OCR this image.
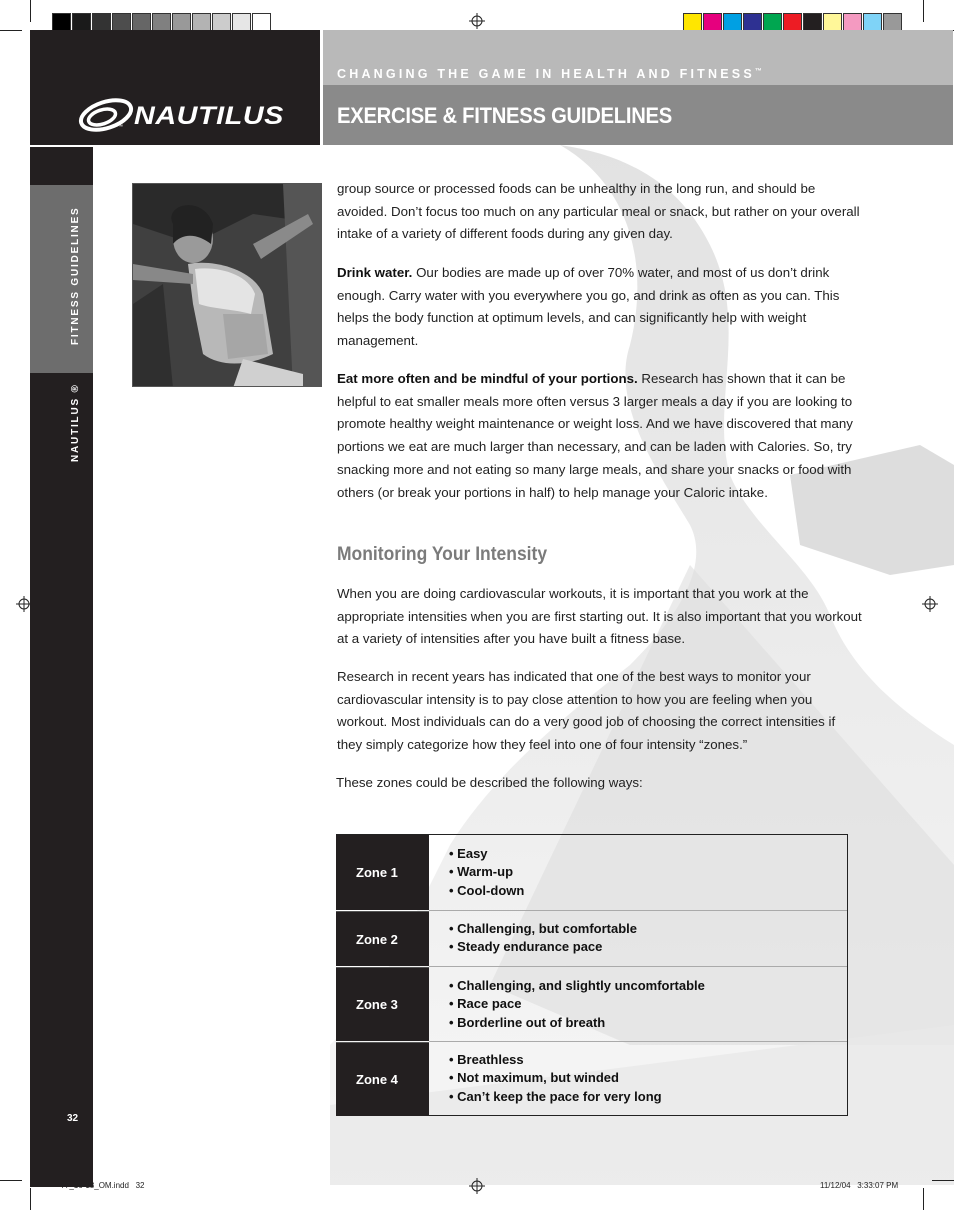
NAUTILUS
™
CHANGING THE GAME IN HEALTH AND FITNESS™
EXERCISE & FITNESS GUIDELINES
FITNESS GUIDELINES
NAUTILUS ®
32
group source or processed foods can be unhealthy in the long run, and should be avoided. Don’t focus too much on any particular meal or snack, but rather on your overall intake of a variety of different foods during any given day.
Drink water. Our bodies are made up of over 70% water, and most of us don’t drink enough. Carry water with you everywhere you go, and drink as often as you can. This helps the body function at optimum levels, and can significantly help with weight management.
Eat more often and be mindful of your portions. Research has shown that it can be helpful to eat smaller meals more often versus 3 larger meals a day if you are looking to promote healthy weight maintenance or weight loss. And we have discovered that many portions we eat are much larger than necessary, and can be laden with Calories. So, try snacking more and not eating so many large meals, and share your snacks or food with others (or break your portions in half) to help manage your Caloric intake.
Monitoring Your Intensity
When you are doing cardiovascular workouts, it is important that you work at the appropriate intensities when you are first starting out. It is also important that you workout at a variety of intensities after you have built a fitness base.
Research in recent years has indicated that one of the best ways to monitor your cardiovascular intensity is to pay close attention to how you are feeling when you workout. Most individuals can do a very good job of choosing the correct intensities if they simply categorize how they feel into one of four intensity “zones.”
These zones could be described the following ways:
Zone 1
• Easy
• Warm-up
• Cool-down
Zone 2
• Challenging, but comfortable
• Steady endurance pace
Zone 3
• Challenging, and slightly uncomfortable
• Race pace
• Borderline out of breath
Zone 4
• Breathless
• Not maximum, but winded
• Can’t keep the pace for very long
T7_16-18_OM.indd   32	11/12/04   3:33:07 PM
